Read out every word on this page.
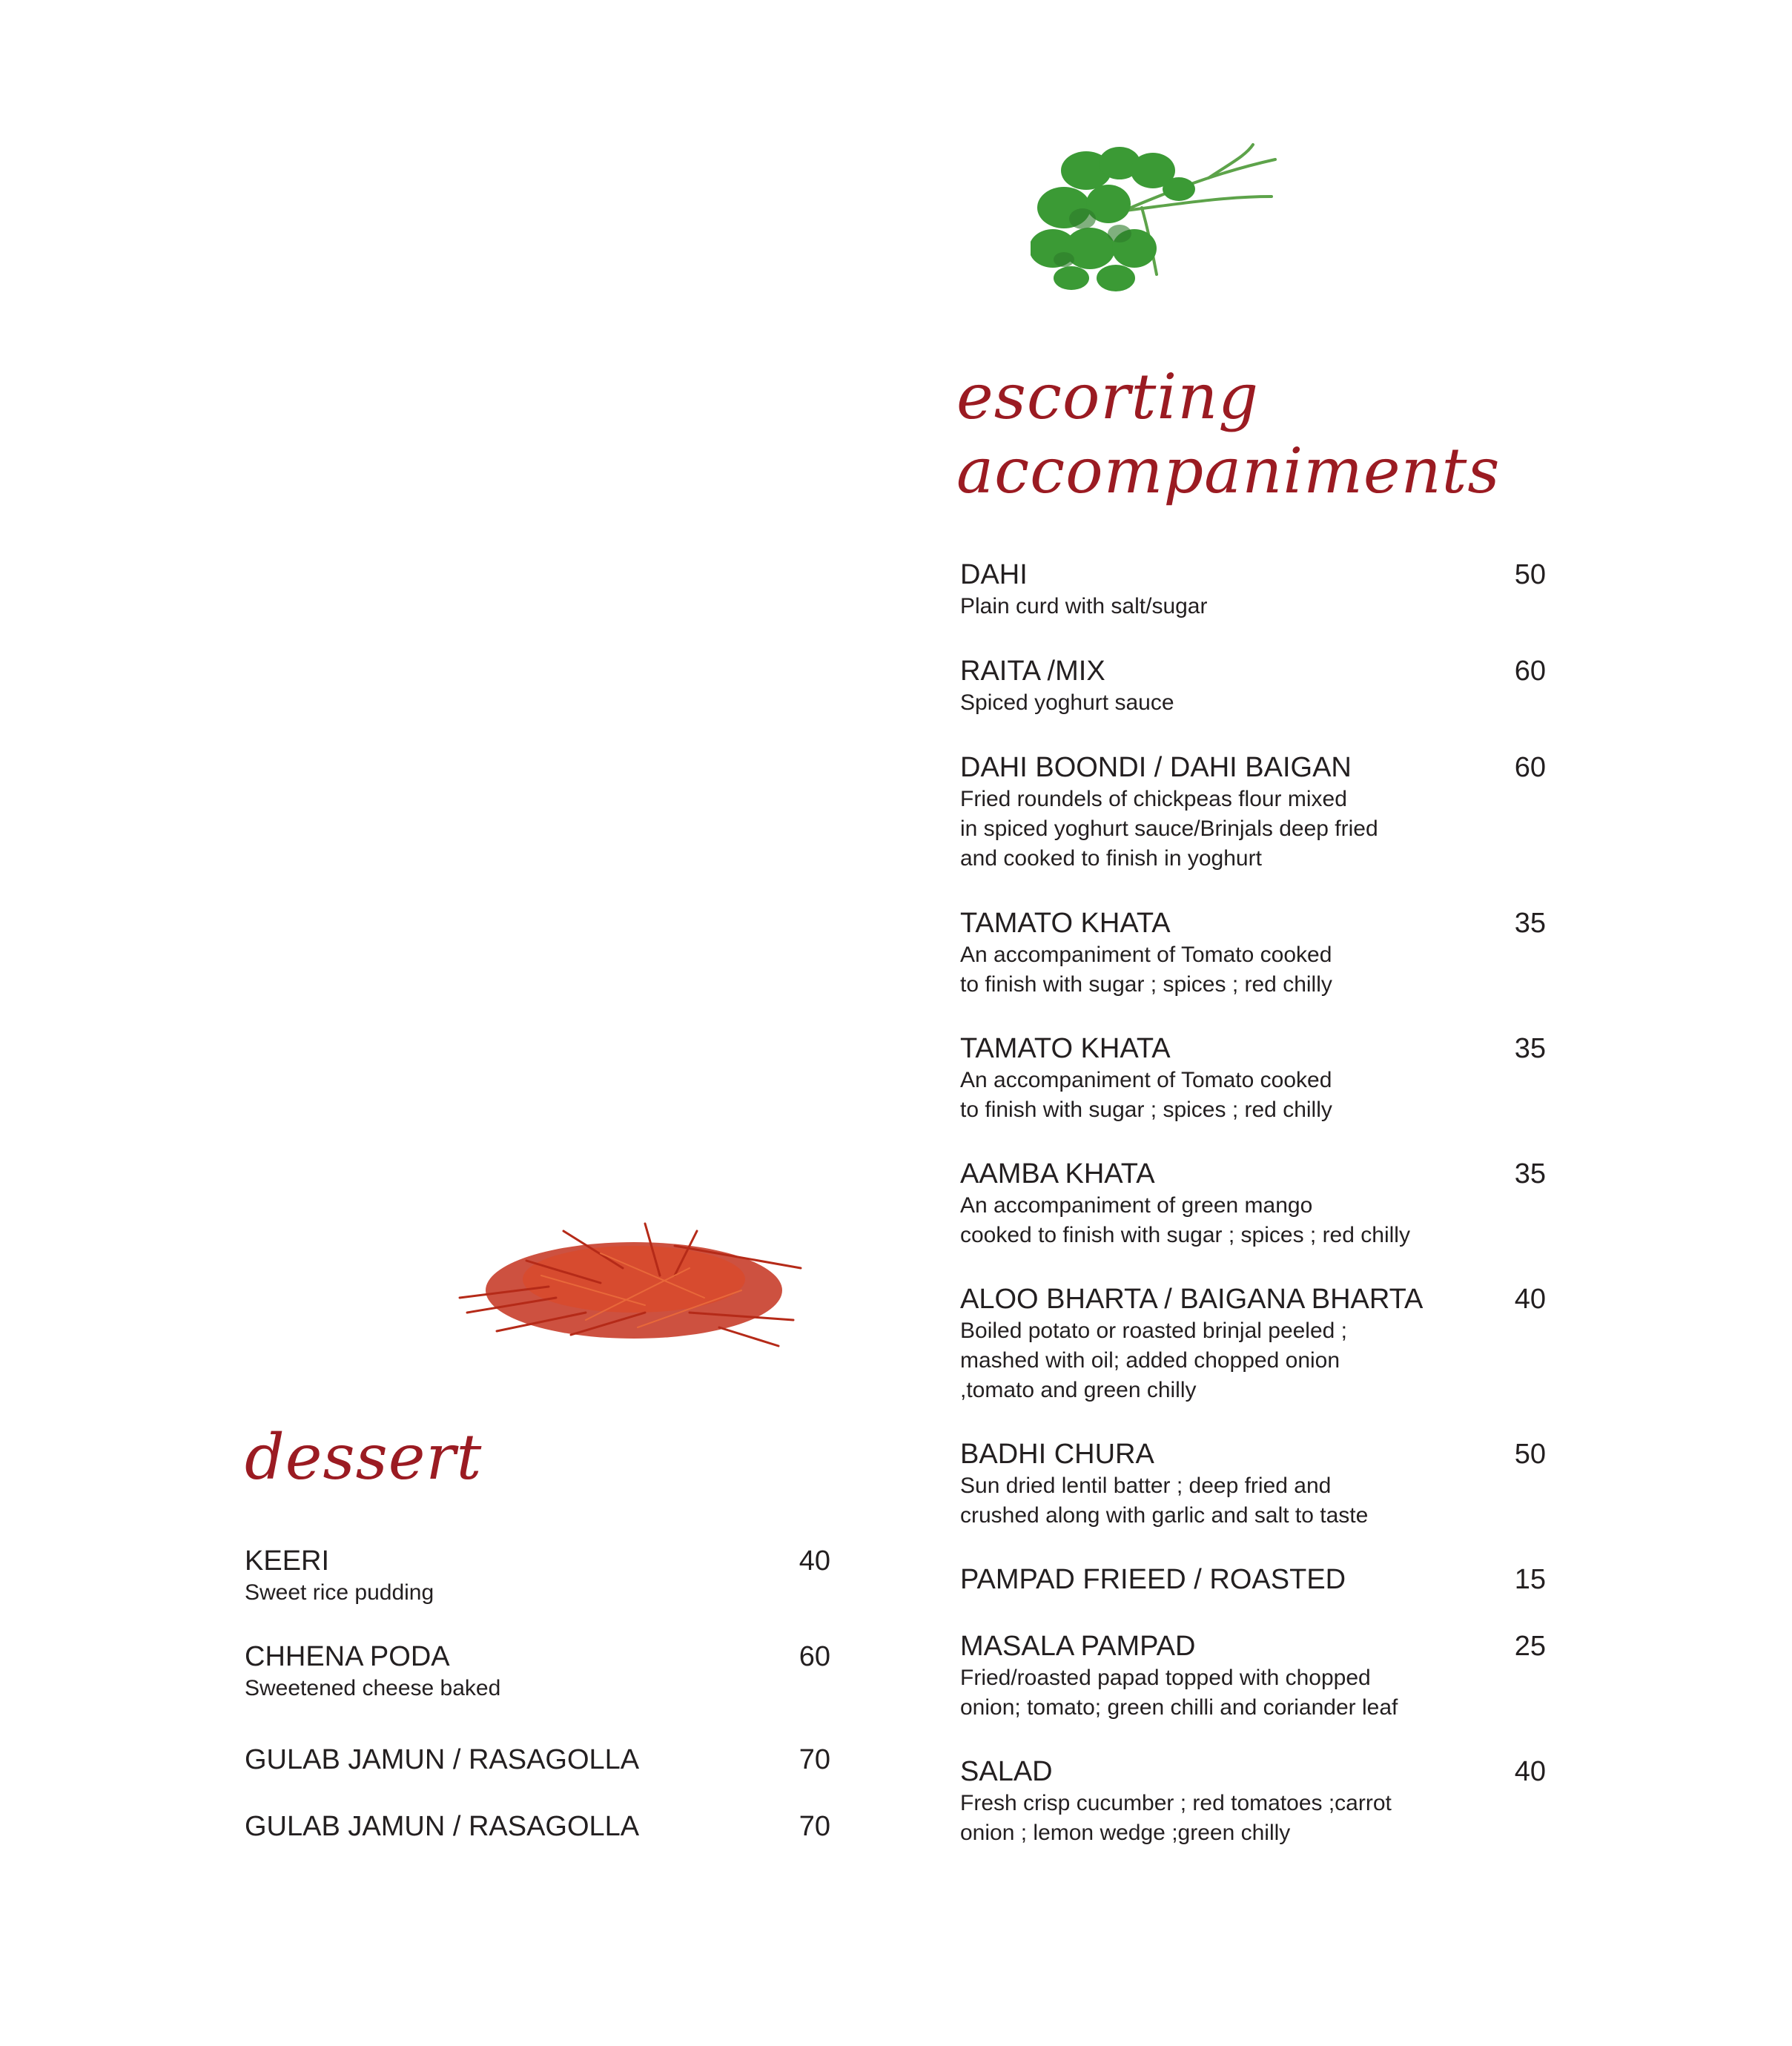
escorting
accompaniments
DAHI	50
Plain curd with salt/sugar
RAITA /MIX	60
Spiced yoghurt sauce
DAHI BOONDI / DAHI BAIGAN	60
Fried roundels of chickpeas flour mixed
in spiced yoghurt sauce/Brinjals deep fried
and cooked to finish in yoghurt
TAMATO KHATA	35
An accompaniment of Tomato cooked
to finish with sugar ; spices ; red chilly
TAMATO KHATA	35
An accompaniment of Tomato cooked
to finish with sugar ; spices ; red chilly
AAMBA KHATA	35
An accompaniment of green mango
cooked to finish with sugar ; spices ; red chilly
ALOO BHARTA / BAIGANA BHARTA	40
Boiled potato or roasted brinjal peeled ;
mashed with oil; added chopped onion
,tomato and green chilly
BADHI CHURA	50
Sun dried lentil batter ; deep fried and
crushed along with garlic and salt to taste
PAMPAD FRIEED / ROASTED	15
MASALA PAMPAD	25
Fried/roasted papad topped with chopped
onion; tomato; green chilli and coriander leaf
SALAD	40
Fresh crisp cucumber ; red tomatoes ;carrot
onion ; lemon wedge ;green chilly
dessert
KEERI	40
Sweet rice pudding
CHHENA PODA	60
Sweetened cheese baked
GULAB JAMUN / RASAGOLLA	70
GULAB JAMUN / RASAGOLLA	70
